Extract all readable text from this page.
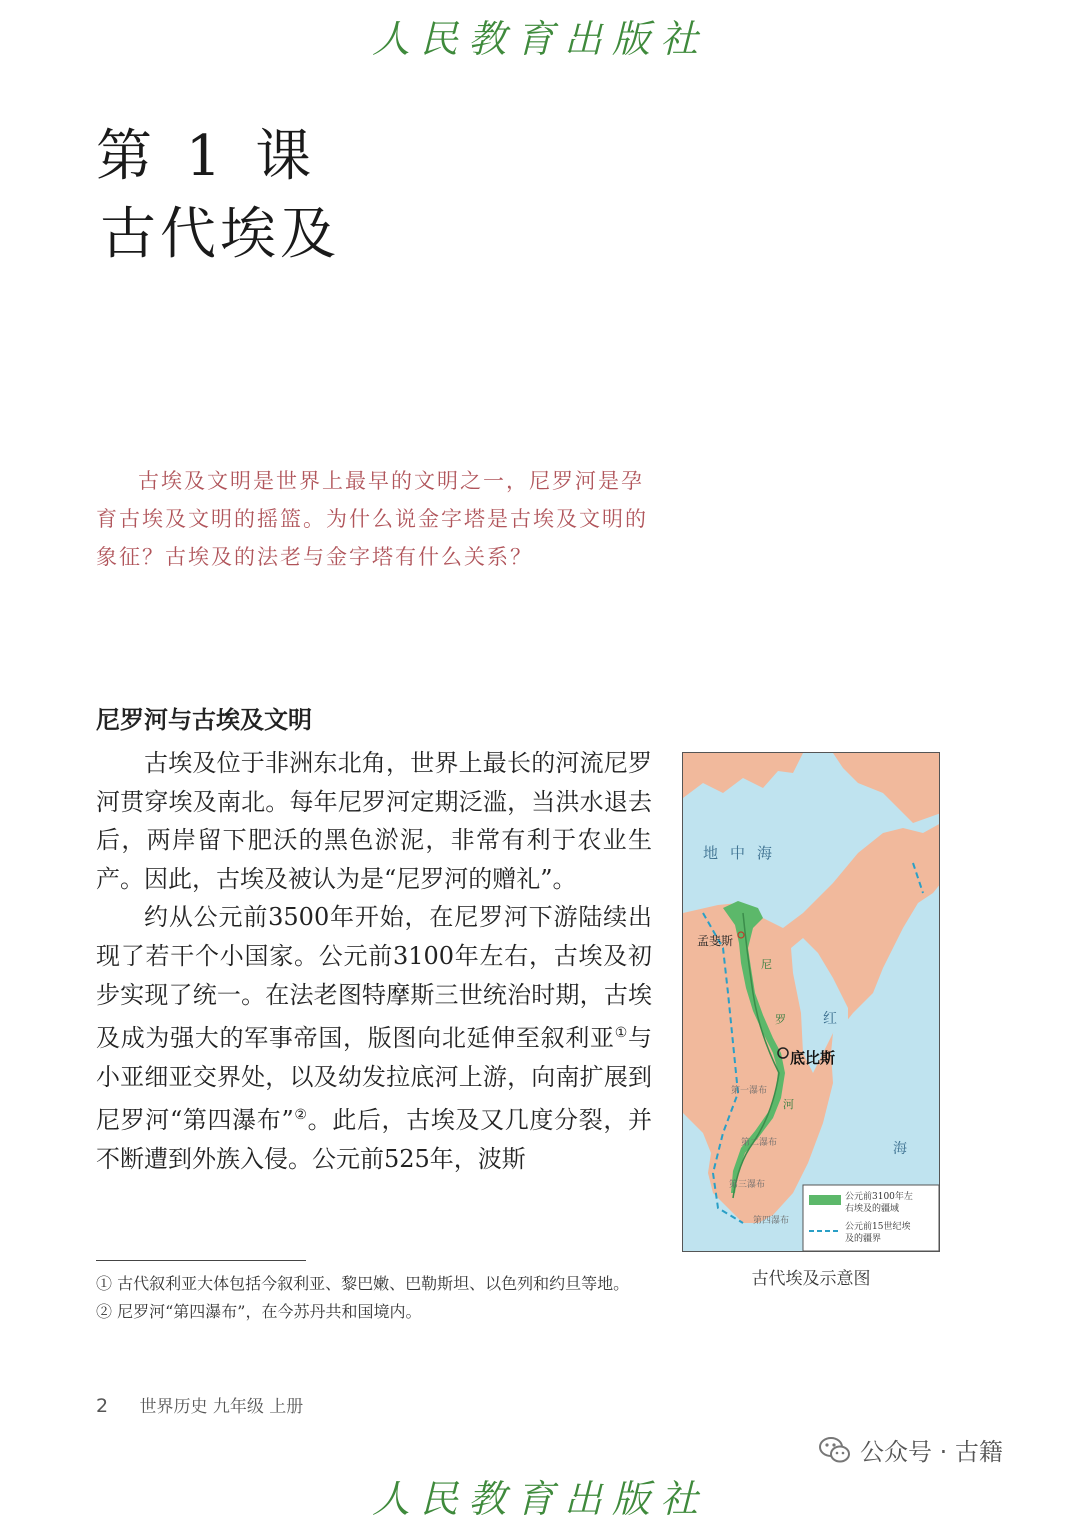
人民教育出版社
第 1 课
古代埃及
古埃及文明是世界上最早的文明之一，尼罗河是孕育古埃及文明的摇篮。为什么说金字塔是古埃及文明的象征？古埃及的法老与金字塔有什么关系？
尼罗河与古埃及文明

古埃及位于非洲东北角，世界上最长的河流尼罗河贯穿埃及南北。每年尼罗河定期泛滥，当洪水退去后，两岸留下肥沃的黑色淤泥，非常有利于农业生产。因此，古埃及被认为是“尼罗河的赠礼”。

约从公元前3500年开始，在尼罗河下游陆续出现了若干个小国家。公元前3100年左右，古埃及初步实现了统一。在法老图特摩斯三世统治时期，古埃及成为强大的军事帝国，版图向北延伸至叙利亚①与小亚细亚交界处，以及幼发拉底河上游，向南扩展到尼罗河“第四瀑布”②。此后，古埃及又几度分裂，并不断遭到外族入侵。公元前525年，波斯

地中海
孟斐斯
底比斯
尼
罗
河
红
海
第一瀑布
第二瀑布
第三瀑布
第四瀑布
公元前3100年左
右埃及的疆域
公元前15世纪埃
及的疆界
古代埃及示意图
① 古代叙利亚大体包括今叙利亚、黎巴嫩、巴勒斯坦、以色列和约旦等地。
② 尼罗河“第四瀑布”，在今苏丹共和国境内。
2 世界历史 九年级 上册
人民教育出版社
公众号 · 古籍
